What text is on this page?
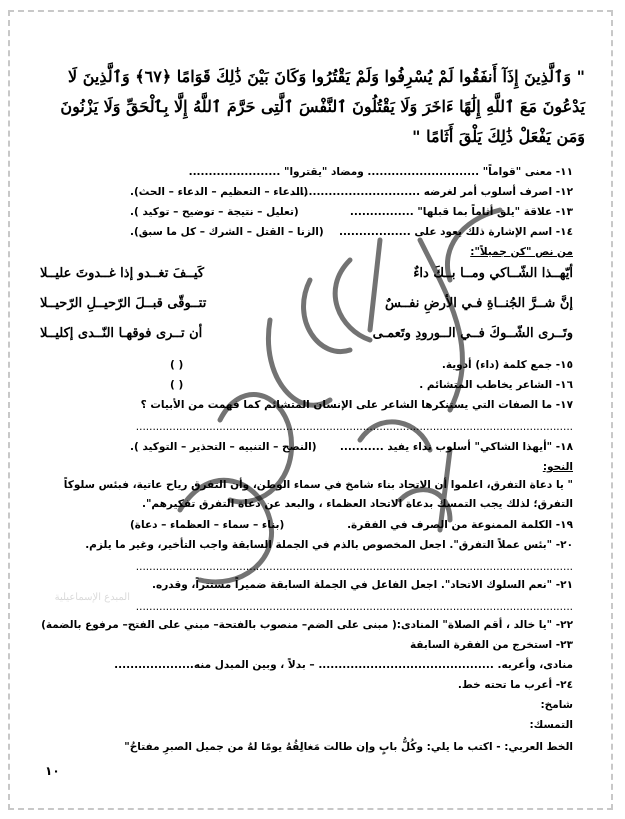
" وَٱلَّذِينَ إِذَآ أَنفَقُوا لَمْ يُسْرِفُوا وَلَمْ يَقْتُرُوا وَكَانَ بَيْنَ ذَٰلِكَ قَوَامًا ﴿٦٧﴾ وَٱلَّذِينَ لَا
يَدْعُونَ مَعَ ٱللَّهِ إِلَٰهًا ءَاخَرَ وَلَا يَقْتُلُونَ ٱلنَّفْسَ ٱلَّتِى حَرَّمَ ٱللَّهُ إِلَّا بِٱلْحَقِّ وَلَا يَزْنُونَ
وَمَن يَفْعَلْ ذَٰلِكَ يَلْقَ أَثَامًا "
١١- معنى "قواماً" ............................ ومضاد "يقتروا" .......................
١٢- اصرف أسلوب أمر لغرضه ................................
(الدعاء – التعظيم – الدعاء – الحث).
١٣- علاقة "يلق أثاماً بما قبلها" ................
(تعليل – نتيجة – توضيح – توكيد ).
١٤- اسم الإشارة ذلك يعود على ..................
(الزنا – القتل – الشرك – كل ما سبق).
من نص "كن جميلاً":
أيّهــذا الشّــاكي ومــا بــكَ داءٌ
كَيــفَ تغــدو إذا غــدوتَ عليــلا
إنَّ شــرَّ الجُنــاةِ فـي الأرضِ نفــسٌ
تتــوقّى قبــلَ الرّحيــلِ الرّحيــلا
وتَــرى الشّــوكَ فــي الــورودِ وتَعمـى
أن تــرى فوقهـا النّــدى إكليــلا
١٥- جمع كلمة (داء) أدوية.
( )
١٦- الشاعر يخاطب المتشائم .
( )
١٧- ما الصفات التي يستنكرها الشاعر على الإنسان المتشائم كما فهمت من الأبيات ؟
...................................................................................................................................
١٨- "أيهذا الشاكي" أسلوب نداء يفيد ...........
(النصح – التنبيه – التحذير – التوكيد ).
النحو:
" يا دعاة التفرق، اعلموا أن الاتحاد بناء شامخ في سماء الوطن، وأن التفرق رياح عاتية، فبئس سلوكاً
التفرق؛ لذلك يجب التمسك بدعاة الاتحاد العظماء ، والبعد عن دعاة التفرق تفكيرهم".
١٩- الكلمة الممنوعة من الصرف في الفقرة.
(بناء – سماء – العظماء – دعاة)
٢٠- "بئس عملاً التفرق". اجعل المخصوص بالذم في الجملة السابقة واجب التأخير، وغير ما يلزم.
...................................................................................................................................
٢١- "نعم السلوك الاتحاد". اجعل الفاعل في الجملة السابقة ضميراً مستتراً، وقدره.
...................................................................................................................................
٢٢- "يا خالد ، أقم الصلاة" المنادى:( مبنى على الضم– منصوب بالفتحة– مبني على الفتح– مرفوع بالضمة)
٢٣- استخرج من الفقرة السابقة
منادى، وأعربه. ............................................ – بدلاً ، وبين المبدل منه....................
٢٤- أعرب ما تحته خط.
شامخ:
التمسك:
الخط العربي: - اكتب ما يلي: وكُلُّ بابٍ وإن طالت مَغالِقُهُ يومًا لهُ من جميل الصبرِ مفتاحُ"
١٠
المبدع الإسماعيلية
